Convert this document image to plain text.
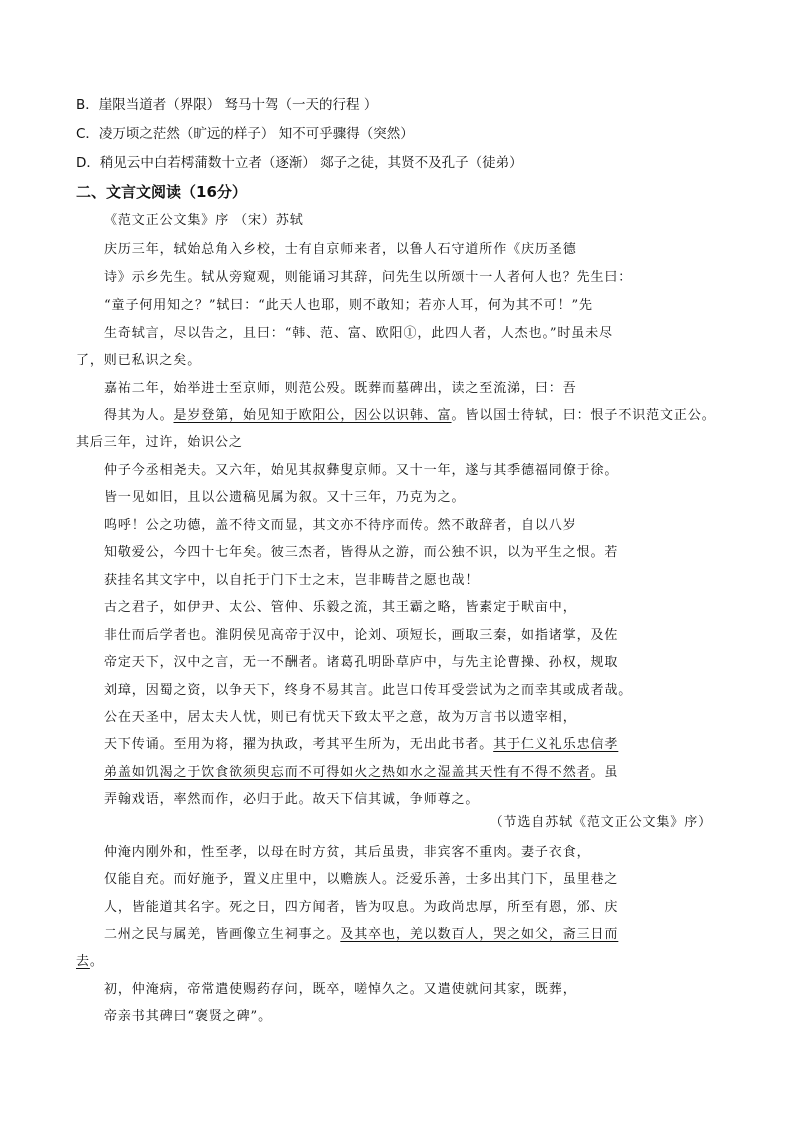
B．崖限当道者（界限） 驽马十驾（一天的行程 ）
C．凌万顷之茫然（旷远的样子） 知不可乎骤得（突然）
D．稍见云中白若樗蒲数十立者（逐渐） 郯子之徒，其贤不及孔子（徒弟）
二、文言文阅读（16分）
《范文正公文集》序 （宋）苏轼
庆历三年，轼始总角入乡校，士有自京师来者，以鲁人石守道所作《庆历圣德
诗》示乡先生。轼从旁窥观，则能诵习其辞，问先生以所颂十一人者何人也？先生曰：
“童子何用知之？”轼曰：“此天人也耶，则不敢知；若亦人耳，何为其不可！”先
生奇轼言，尽以告之，且曰：“韩、范、富、欧阳①，此四人者，人杰也。”时虽未尽
了，则已私识之矣。
嘉祐二年，始举进士至京师，则范公殁。既葬而墓碑出，读之至流涕，曰：吾
得其为人。是岁登第，始见知于欧阳公，因公以识韩、富。皆以国士待轼，曰：恨子不识范文正公。
其后三年，过许，始识公之
仲子今丞相尧夫。又六年，始见其叔彝叟京师。又十一年，遂与其季德福同僚于徐。
皆一见如旧，且以公遗稿见属为叙。又十三年，乃克为之。
呜呼！公之功德，盖不待文而显，其文亦不待序而传。然不敢辞者，自以八岁
知敬爱公，今四十七年矣。彼三杰者，皆得从之游，而公独不识，以为平生之恨。若
获挂名其文字中，以自托于门下士之末，岂非畴昔之愿也哉！
古之君子，如伊尹、太公、管仲、乐毅之流，其王霸之略，皆素定于畎亩中，
非仕而后学者也。淮阴侯见高帝于汉中，论刘、项短长，画取三秦，如指诸掌，及佐
帝定天下，汉中之言，无一不酬者。诸葛孔明卧草庐中，与先主论曹操、孙权，规取
刘璋，因蜀之资，以争天下，终身不易其言。此岂口传耳受尝试为之而幸其或成者哉。
公在天圣中，居太夫人忧，则已有忧天下致太平之意，故为万言书以遗宰相，
天下传诵。至用为将，擢为执政，考其平生所为，无出此书者。其于仁义礼乐忠信孝
弟盖如饥渴之于饮食欲须臾忘而不可得如火之热如水之湿盖其天性有不得不然者。虽
弄翰戏语，率然而作，必归于此。故天下信其诚，争师尊之。
（节选自苏轼《范文正公文集》序）
仲淹内刚外和，性至孝，以母在时方贫，其后虽贵，非宾客不重肉。妻子衣食，
仅能自充。而好施予，置义庄里中，以赡族人。泛爱乐善，士多出其门下，虽里巷之
人，皆能道其名字。死之日，四方闻者，皆为叹息。为政尚忠厚，所至有恩，邠、庆
二州之民与属羌，皆画像立生祠事之。及其卒也，羌以数百人，哭之如父，斋三日而
去。
初，仲淹病，帝常遣使赐药存问，既卒，嗟悼久之。又遣使就问其家，既葬，
帝亲书其碑曰“褒贤之碑”。
